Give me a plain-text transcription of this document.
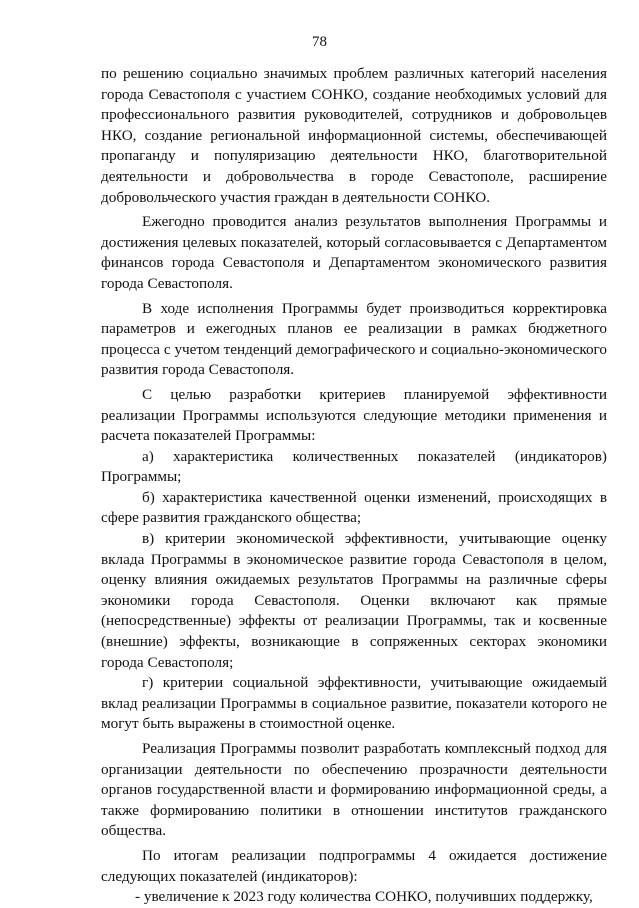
78

по решению социально значимых проблем различных категорий населения города Севастополя с участием СОНКО, создание необходимых условий для профессионального развития руководителей, сотрудников и добровольцев НКО, создание региональной информационной системы, обеспечивающей пропаганду и популяризацию деятельности НКО, благотворительной деятельности и добровольчества в городе Севастополе, расширение добровольческого участия граждан в деятельности СОНКО.

Ежегодно проводится анализ результатов выполнения Программы и достижения целевых показателей, который согласовывается с Департаментом финансов города Севастополя и Департаментом экономического развития города Севастополя.

В ходе исполнения Программы будет производиться корректировка параметров и ежегодных планов ее реализации в рамках бюджетного процесса с учетом тенденций демографического и социально-экономического развития города Севастополя.

С целью разработки критериев планируемой эффективности реализации Программы используются следующие методики применения и расчета показателей Программы:

а) характеристика количественных показателей (индикаторов) Программы;

б) характеристика качественной оценки изменений, происходящих в сфере развития гражданского общества;

в) критерии экономической эффективности, учитывающие оценку вклада Программы в экономическое развитие города Севастополя в целом, оценку влияния ожидаемых результатов Программы на различные сферы экономики города Севастополя. Оценки включают как прямые (непосредственные) эффекты от реализации Программы, так и косвенные (внешние) эффекты, возникающие в сопряженных секторах экономики города Севастополя;

г) критерии социальной эффективности, учитывающие ожидаемый вклад реализации Программы в социальное развитие, показатели которого не могут быть выражены в стоимостной оценке.

Реализация Программы позволит разработать комплексный подход для организации деятельности по обеспечению прозрачности деятельности органов государственной власти и формированию информационной среды, а также формированию политики в отношении институтов гражданского общества.

По итогам реализации подпрограммы 4 ожидается достижение следующих показателей (индикаторов):

- увеличение к 2023 году количества СОНКО, получивших поддержку,
